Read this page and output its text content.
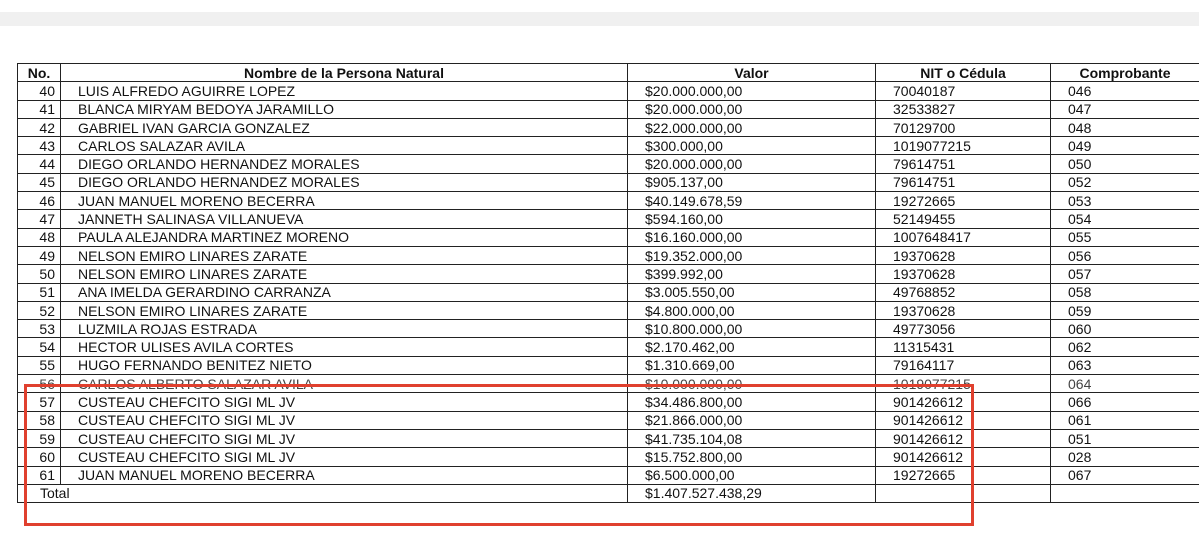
No.	Nombre de la Persona Natural	Valor	NIT o Cédula	Comprobante
40	LUIS ALFREDO AGUIRRE LOPEZ	$20.000.000,00	70040187	046
41	BLANCA MIRYAM BEDOYA JARAMILLO	$20.000.000,00	32533827	047
42	GABRIEL IVAN GARCIA GONZALEZ	$22.000.000,00	70129700	048
43	CARLOS SALAZAR AVILA	$300.000,00	1019077215	049
44	DIEGO ORLANDO HERNANDEZ MORALES	$20.000.000,00	79614751	050
45	DIEGO ORLANDO HERNANDEZ MORALES	$905.137,00	79614751	052
46	JUAN MANUEL MORENO BECERRA	$40.149.678,59	19272665	053
47	JANNETH SALINASA VILLANUEVA	$594.160,00	52149455	054
48	PAULA ALEJANDRA MARTINEZ MORENO	$16.160.000,00	1007648417	055
49	NELSON EMIRO LINARES ZARATE	$19.352.000,00	19370628	056
50	NELSON EMIRO LINARES ZARATE	$399.992,00	19370628	057
51	ANA IMELDA GERARDINO CARRANZA	$3.005.550,00	49768852	058
52	NELSON EMIRO LINARES ZARATE	$4.800.000,00	19370628	059
53	LUZMILA ROJAS ESTRADA	$10.800.000,00	49773056	060
54	HECTOR ULISES AVILA CORTES	$2.170.462,00	11315431	062
55	HUGO FERNANDO BENITEZ NIETO	$1.310.669,00	79164117	063
56	CARLOS ALBERTO SALAZAR AVILA	$10.000.000,00	1019077215	064
57	CUSTEAU CHEFCITO SIGI ML JV	$34.486.800,00	901426612	066
58	CUSTEAU CHEFCITO SIGI ML JV	$21.866.000,00	901426612	061
59	CUSTEAU CHEFCITO SIGI ML JV	$41.735.104,08	901426612	051
60	CUSTEAU CHEFCITO SIGI ML JV	$15.752.800,00	901426612	028
61	JUAN MANUEL MORENO BECERRA	$6.500.000,00	19272665	067
Total		$1.407.527.438,29		
